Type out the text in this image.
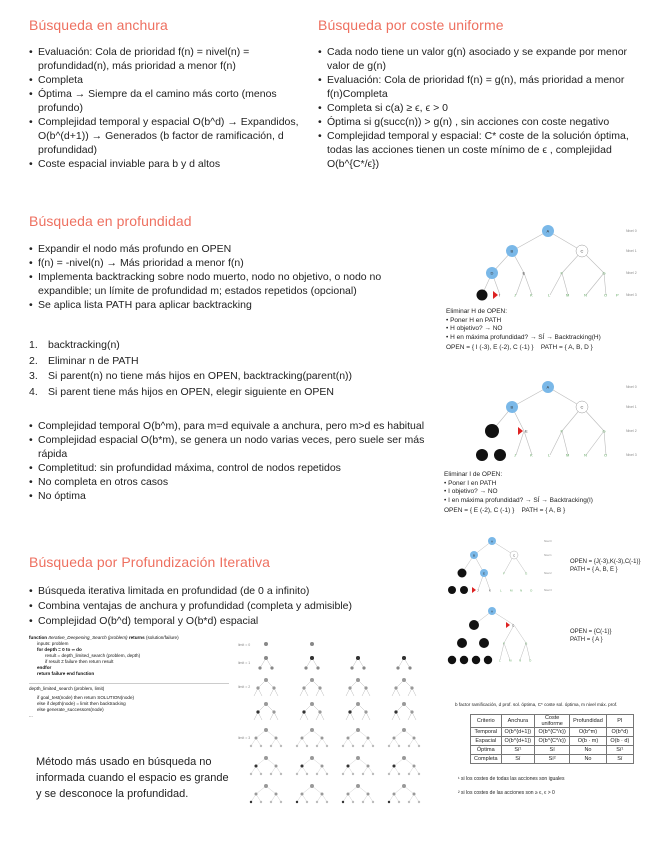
Búsqueda en anchura
• Evaluación: Cola de prioridad f(n) = nivel(n) = profundidad(n), más prioridad a menor f(n)
• Completa
• Óptima → Siempre da el camino más corto (menos profundo)
• Complejidad temporal y espacial O(b^d) → Expandidos, O(b^(d+1)) → Generados (b factor de ramificación, d profundidad)
• Coste espacial inviable para b y d altos
Búsqueda por coste uniforme
• Cada nodo tiene un valor g(n) asociado y se expande por menor valor de g(n)
• Evaluación: Cola de prioridad f(n) = g(n), más prioridad a menor f(n)Completa
• Completa si c(a) ≥ ϵ, ϵ > 0
• Óptima si g(succ(n)) > g(n) , sin acciones con coste negativo
• Complejidad temporal y espacial: C* coste de la solución óptima, todas las acciones tienen un coste mínimo de ϵ , complejidad O(b^{C*/ϵ})
Búsqueda en profundidad
• Expandir el nodo más profundo en OPEN
• f(n) = -nivel(n) → Más prioridad a menor f(n)
• Implementa backtracking sobre nodo muerto, nodo no objetivo, o nodo no expandible; un límite de profundidad m; estados repetidos (opcional)
• Se aplica lista PATH para aplicar backtracking
1. backtracking(n)
2. Eliminar n de PATH
3. Si parent(n) no tiene más hijos en OPEN, backtracking(parent(n))
4. Si parent tiene más hijos en OPEN, elegir siguiente en OPEN
• Complejidad temporal O(b^m), para m=d equivale a anchura, pero m>d es habitual
• Complejidad espacial O(b*m), se genera un nodo varias veces, pero suele ser más rápida
• Completitud: sin profundidad máxima, control de nodos repetidos
• No completa en otros casos
• No óptima
A
B	C
D	E	F	G
I	J	K	L	M	N	O P
Nivel 0
Nivel 1
Nivel 2
Nivel 3
Eliminar H de OPEN:
• Poner H en PATH
• H objetivo? → NO
• H en máxima profundidad? → SÍ → Backtracking(H)
OPEN = { I (-3), E (-2), C (-1) } PATH = { A, B, D }
A
B	C
E	F	G
J	K	L	M	N	O
Nivel 0
Nivel 1
Nivel 2
Nivel 3
Eliminar I de OPEN:
• Poner I en PATH
• I objetivo? → NO
• I en máxima profundidad? → SÍ → Backtracking(I)
OPEN = { E (-2), C (-1) } PATH = { A, B }
A
B	C
E	F	G
J	K	L	M	N	O
Nivel 0
Nivel 1
Nivel 2
Nivel 3
OPEN = {J(-3),K(-3),C(-1)}
PATH = { A, B, E }
A
C
F	G
L	M	N	O
OPEN = {C(-1)}
PATH = { A }
Búsqueda por Profundización Iterativa
• Búsqueda iterativa limitada en profundidad (de 0 a infinito)
• Combina ventajas de anchura y profundidad (completa y admisible)
• Complejidad O(b^d) temporal y O(b*d) espacial
function Iterative_Deepening_Search (problem) returns (solution/failure)
inputs: problem
for depth = 0 to ∞ do
result = depth_limited_search (problem, depth)
if result ≠ failure then return result
endfor
return failure end function
depth_limited_search (problem, limit)
if goal_test(node) then return SOLUTION(node)
else if depth(node) = limit then backtracking
else generate_successors(node)
...
Método más usado en búsqueda no informada cuando el espacio es grande y se desconoce la profundidad.
limit = 0
limit = 1
limit = 2
limit = 3
b factor ramificación, d prof. sol. óptima, C* coste sol. óptima, m nivel máx. prof.
Criterio	Anchura	Coste uniforme	Profundidad	PI
Temporal	O(b^{d+1})	O(b^{C*/ϵ})	O(b^m)	O(b^d)
Espacial	O(b^{d+1})	O(b^{C*/ϵ})	O(b · m)	O(b · d)
Óptima	Sí¹	Sí	No	Sí¹
Completa	Sí	Sí²	No	Sí
¹ si los costes de todas las acciones son iguales
² si los costes de las acciones son ≥ ϵ, ϵ > 0
